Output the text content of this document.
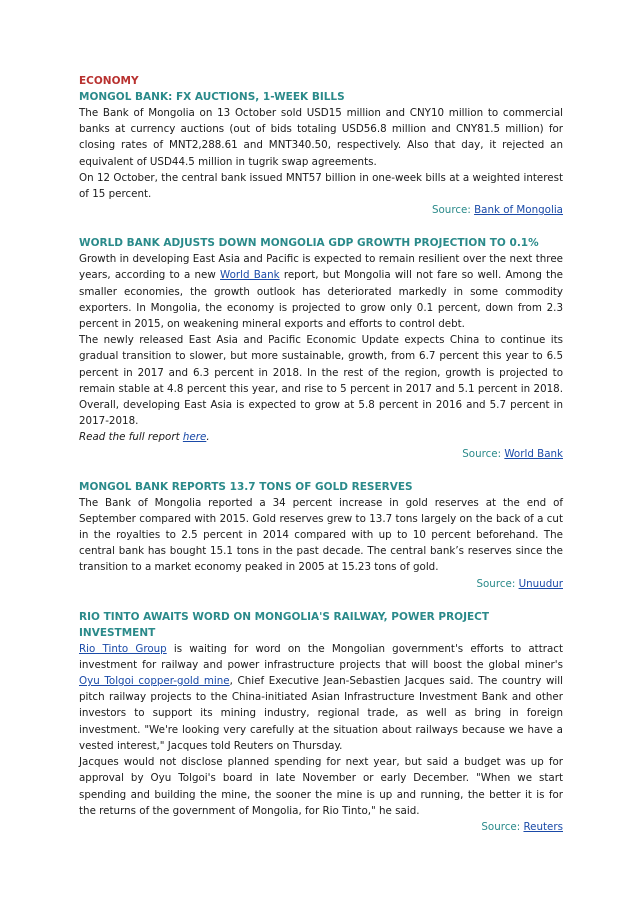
ECONOMY
MONGOL BANK: FX AUCTIONS, 1-WEEK BILLS

The Bank of Mongolia on 13 October sold USD15 million and CNY10 million to commercial banks at currency auctions (out of bids totaling USD56.8 million and CNY81.5 million) for closing rates of MNT2,288.61 and MNT340.50, respectively. Also that day, it rejected an equivalent of USD44.5 million in tugrik swap agreements.

On 12 October, the central bank issued MNT57 billion in one-week bills at a weighted interest of 15 percent.

Source: Bank of Mongolia

WORLD BANK ADJUSTS DOWN MONGOLIA GDP GROWTH PROJECTION TO 0.1%

Growth in developing East Asia and Pacific is expected to remain resilient over the next three years, according to a new World Bank report, but Mongolia will not fare so well. Among the smaller economies, the growth outlook has deteriorated markedly in some commodity exporters. In Mongolia, the economy is projected to grow only 0.1 percent, down from 2.3 percent in 2015, on weakening mineral exports and efforts to control debt.

The newly released East Asia and Pacific Economic Update expects China to continue its gradual transition to slower, but more sustainable, growth, from 6.7 percent this year to 6.5 percent in 2017 and 6.3 percent in 2018. In the rest of the region, growth is projected to remain stable at 4.8 percent this year, and rise to 5 percent in 2017 and 5.1 percent in 2018. Overall, developing East Asia is expected to grow at 5.8 percent in 2016 and 5.7 percent in 2017-2018.

Read the full report here.

Source: World Bank

MONGOL BANK REPORTS 13.7 TONS OF GOLD RESERVES

The Bank of Mongolia reported a 34 percent increase in gold reserves at the end of September compared with 2015. Gold reserves grew to 13.7 tons largely on the back of a cut in the royalties to 2.5 percent in 2014 compared with up to 10 percent beforehand. The central bank has bought 15.1 tons in the past decade. The central bank’s reserves since the transition to a market economy peaked in 2005 at 15.23 tons of gold.

Source: Unuudur

RIO TINTO AWAITS WORD ON MONGOLIA'S RAILWAY, POWER PROJECT INVESTMENT

Rio Tinto Group is waiting for word on the Mongolian government's efforts to attract investment for railway and power infrastructure projects that will boost the global miner's Oyu Tolgoi copper-gold mine, Chief Executive Jean-Sebastien Jacques said. The country will pitch railway projects to the China-initiated Asian Infrastructure Investment Bank and other investors to support its mining industry, regional trade, as well as bring in foreign investment. "We're looking very carefully at the situation about railways because we have a vested interest," Jacques told Reuters on Thursday.

Jacques would not disclose planned spending for next year, but said a budget was up for approval by Oyu Tolgoi's board in late November or early December. "When we start spending and building the mine, the sooner the mine is up and running, the better it is for the returns of the government of Mongolia, for Rio Tinto," he said.

Source: Reuters
